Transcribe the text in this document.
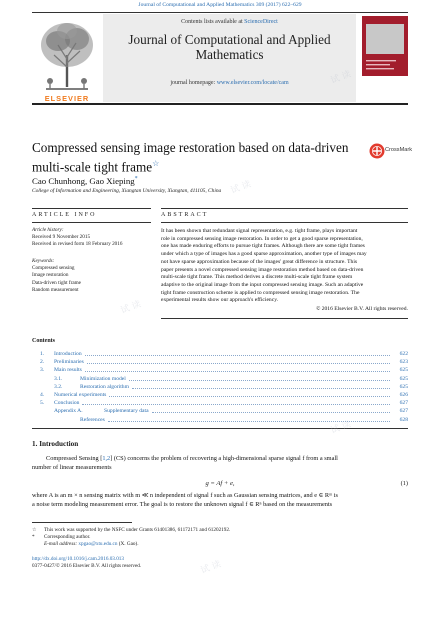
Journal of Computational and Applied Mathematics 309 (2017) 622–629
ELSEVIER
Contents lists available at ScienceDirect
Journal of Computational and Applied
Mathematics
journal homepage: www.elsevier.com/locate/cam
Compressed sensing image restoration based on data-driven
multi-scale tight frame☆
CrossMark
Cao Chunhong, Gao Xieping*
College of Information and Engineering, Xiangtan University, Xiangtan, 411105, China
ARTICLE INFO	ABSTRACT
Article history:
Received 9 November 2015
Received in revised form 18 February 2016
Keywords:
Compressed sensing
Image restoration
Data-driven tight frame
Random measurement
It has been shown that redundant signal representation, e.g. tight frame, plays important
role in compressed sensing image restoration. In order to get a good sparse representation,
one has made enduring efforts to pursue tight frames. Although there are some tight frames
under which a type of images has a good sparse approximation, another type of images may
not have sparse approximation because of the images' great difference in structure. This
paper presents a novel compressed sensing image restoration method based on data-driven
multi-scale tight frame. This method derives a discrete multi-scale tight frame system
adaptive to the original image from the input compressed sensing image. Such an adaptive
tight frame construction scheme is applied to compressed sensing image restoration. The
experimental results show our approach's efficiency.
© 2016 Elsevier B.V. All rights reserved.
Contents
1. Introduction	622
2. Preliminaries	623
3. Main results	625
3.1.	Minimization model	625
3.2.	Restoration algorithm	625
4. Numerical experiments	626
5. Conclusion	627
Appendix A.	Supplementary data	627
References	628
1. Introduction
Compressed Sensing [1,2] (CS) concerns the problem of recovering a high-dimensional sparse signal f from a small
number of linear measurements
g = Af + e,	(1)
where A is an m × n sensing matrix with m ≪ n independent of signal f such as Gaussian sensing matrices, and e ∈ Rᵐ is
a noise term modeling measurement error. The goal is to restore the unknown signal f ∈ Rⁿ based on the measurements
☆ This work was supported by the NSFC under Grants 61401386, 61172171 and 61202192.
* Corresponding author.
E-mail address: xpgao@xtu.edu.cn (X. Gao).
http://dx.doi.org/10.1016/j.cam.2016.03.013
0377-0427/© 2016 Elsevier B.V. All rights reserved.
试 读
试 读
试 读
试 读
试 读
